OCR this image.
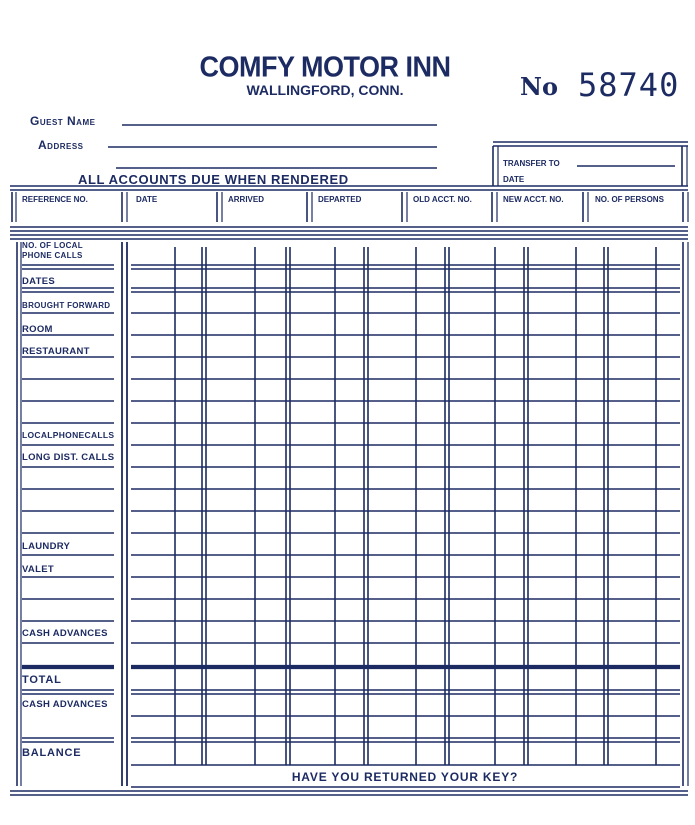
COMFY MOTOR INN
WALLINGFORD, CONN.	No 58740
Guest Name
Address
ALL ACCOUNTS DUE WHEN RENDERED
TRANSFER TO
DATE
REFERENCE NO.	DATE	ARRIVED	DEPARTED	OLD ACCT. NO.	NEW ACCT. NO.	NO. OF PERSONS
NO. OF LOCAL
PHONE CALLS
DATES
BROUGHT FORWARD
ROOM
RESTAURANT
LOCALPHONECALLS
LONG DIST. CALLS
LAUNDRY
VALET
CASH ADVANCES
TOTAL
CASH ADVANCES
BALANCE
HAVE YOU RETURNED YOUR KEY?
